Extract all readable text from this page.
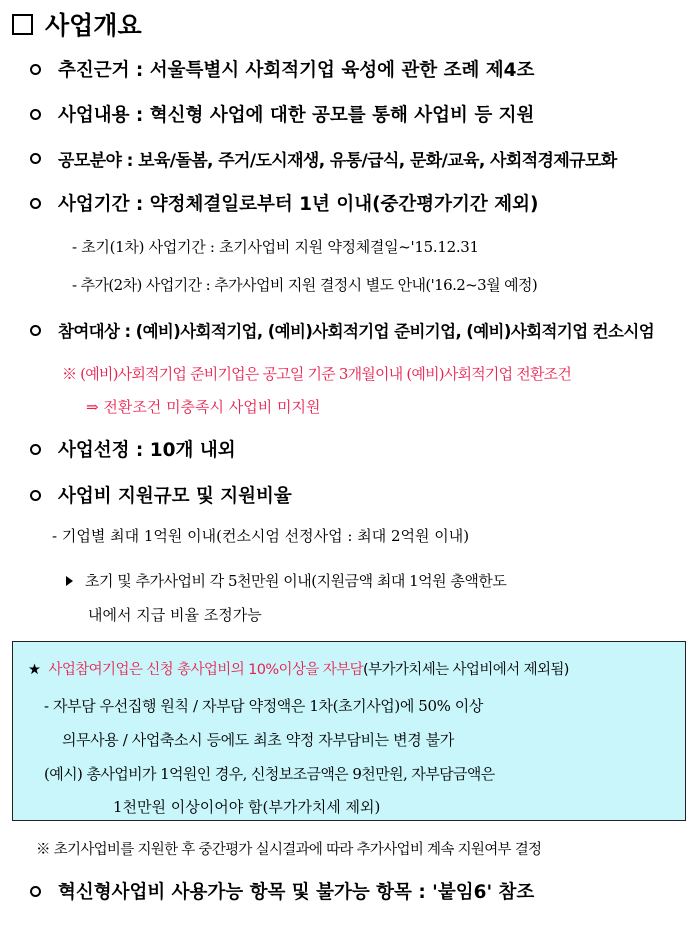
사업개요
추진근거 : 서울특별시 사회적기업 육성에 관한 조례 제4조
사업내용 : 혁신형 사업에 대한 공모를 통해 사업비 등 지원
공모분야 : 보육/돌봄, 주거/도시재생, 유통/급식, 문화/교육, 사회적경제규모화
사업기간 : 약정체결일로부터 1년 이내(중간평가기간 제외)
- 초기(1차) 사업기간 : 초기사업비 지원 약정체결일~'15.12.31
- 추가(2차) 사업기간 : 추가사업비 지원 결정시 별도 안내('16.2~3월 예정)
참여대상 : (예비)사회적기업, (예비)사회적기업 준비기업, (예비)사회적기업 컨소시엄
※ (예비)사회적기업 준비기업은 공고일 기준 3개월이내 (예비)사회적기업 전환조건
⇒ 전환조건 미충족시 사업비 미지원
사업선정 : 10개 내외
사업비 지원규모 및 지원비율
- 기업별 최대 1억원 이내(컨소시엄 선정사업 : 최대 2억원 이내)
초기 및 추가사업비 각 5천만원 이내(지원금액 최대 1억원 총액한도
내에서 지급 비율 조정가능
★ 사업참여기업은 신청 총사업비의 10%이상을 자부담(부가가치세는 사업비에서 제외됨)
- 자부담 우선집행 원칙 / 자부담 약정액은 1차(초기사업)에 50% 이상
의무사용 / 사업축소시 등에도 최초 약정 자부담비는 변경 불가
(예시) 총사업비가 1억원인 경우, 신청보조금액은 9천만원, 자부담금액은
1천만원 이상이어야 함(부가가치세 제외)
※ 초기사업비를 지원한 후 중간평가 실시결과에 따라 추가사업비 계속 지원여부 결정
혁신형사업비 사용가능 항목 및 불가능 항목 : '붙임6' 참조
